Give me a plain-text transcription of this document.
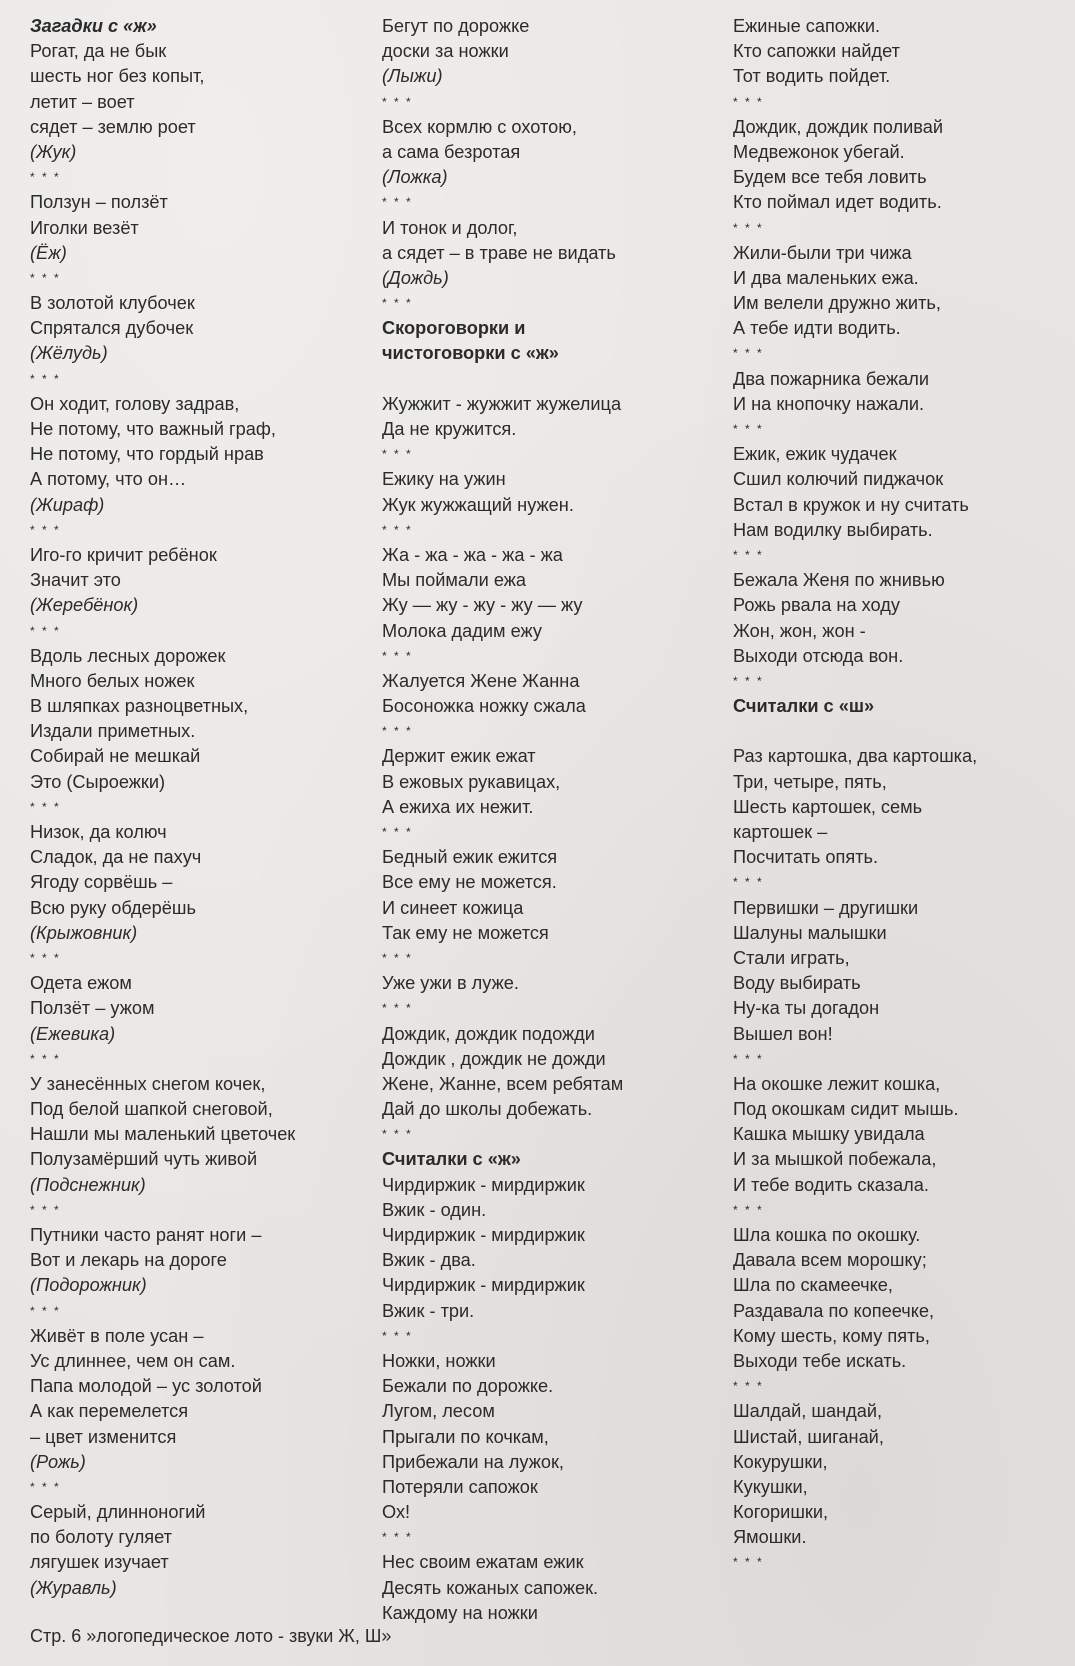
Загадки с «ж»
Рогат, да не бык
шесть ног без копыт,
летит – воет
сядет – землю роет
(Жук)
* * *
Ползун – ползёт
Иголки везёт
(Ёж)
* * *
В золотой клубочек
Спрятался дубочек
(Жёлудь)
* * *
Он ходит, голову задрав,
Не потому, что важный граф,
Не потому, что гордый нрав
А потому, что он…
(Жираф)
* * *
Иго-го кричит ребёнок
Значит это
(Жеребёнок)
* * *
Вдоль лесных дорожек
Много белых ножек
В шляпках разноцветных,
Издали приметных.
Собирай не мешкай
Это (Сыроежки)
* * *
Низок, да колюч
Сладок, да не пахуч
Ягоду сорвёшь –
Всю руку обдерёшь
(Крыжовник)
* * *
Одета ежом
Ползёт – ужом
(Ежевика)
* * *
У занесённых снегом кочек,
Под белой шапкой снеговой,
Нашли мы маленький цветочек
Полузамёрший чуть живой
(Подснежник)
* * *
Путники часто ранят ноги –
Вот и лекарь на дороге
(Подорожник)
* * *
Живёт в поле усан –
Ус длиннее, чем он сам.
Папа молодой – ус золотой
А как перемелется
– цвет изменится
(Рожь)
* * *
Серый, длинноногий
по болоту гуляет
лягушек изучает
(Журавль)
Бегут по дорожке
доски за ножки
(Лыжи)
* * *
Всех кормлю с охотою,
а сама безротая
(Ложка)
* * *
И тонок и долог,
а сядет – в траве не видать
(Дождь)
* * *
Скороговорки и
чистоговорки с «ж»
Жужжит - жужжит жужелица
Да не кружится.
* * *
Ежику на ужин
Жук жужжащий нужен.
* * *
Жа - жа - жа - жа - жа
Мы поймали ежа
Жу — жу - жу - жу — жу
Молока дадим ежу
* * *
Жалуется Жене Жанна
Босоножка ножку сжала
* * *
Держит ежик ежат
В ежовых рукавицах,
А ежиха их нежит.
* * *
Бедный ежик ежится
Все ему не можется.
И синеет кожица
Так ему не можется
* * *
Уже ужи в луже.
* * *
Дождик, дождик подожди
Дождик , дождик не дожди
Жене, Жанне, всем ребятам
Дай до школы добежать.
* * *
Считалки с «ж»
Чирдиржик - мирдиржик
Вжик - один.
Чирдиржик - мирдиржик
Вжик - два.
Чирдиржик - мирдиржик
Вжик - три.
* * *
Ножки, ножки
Бежали по дорожке.
Лугом, лесом
Прыгали по кочкам,
Прибежали на лужок,
Потеряли сапожок
Ох!
* * *
Нес своим ежатам ежик
Десять кожаных сапожек.
Каждому на ножки
Ежиные сапожки.
Кто сапожки найдет
Тот водить пойдет.
* * *
Дождик, дождик поливай
Медвежонок убегай.
Будем все тебя ловить
Кто поймал идет водить.
* * *
Жили-были три чижа
И два маленьких ежа.
Им велели дружно жить,
А тебе идти водить.
* * *
Два пожарника бежали
И на кнопочку нажали.
* * *
Ежик, ежик чудачек
Сшил колючий пиджачок
Встал в кружок и ну считать
Нам водилку выбирать.
* * *
Бежала Женя по жнивью
Рожь рвала на ходу
Жон, жон, жон -
Выходи отсюда вон.
* * *
Считалки с «ш»
Раз картошка, два картошка,
Три, четыре, пять,
Шесть картошек, семь
картошек –
Посчитать опять.
* * *
Первишки – другишки
Шалуны малышки
Стали играть,
Воду выбирать
Ну-ка ты догадон
Вышел вон!
* * *
На окошке лежит кошка,
Под окошкам сидит мышь.
Кашка мышку увидала
И за мышкой побежала,
И тебе водить сказала.
* * *
Шла кошка по окошку.
Давала всем морошку;
Шла по скамеечке,
Раздавала по копеечке,
Кому шесть, кому пять,
Выходи тебе искать.
* * *
Шалдай, шандай,
Шистай, шиганай,
Кокурушки,
Кукушки,
Когоришки,
Ямошки.
* * *
Стр. 6 »логопедическое лото - звуки Ж, Ш»
